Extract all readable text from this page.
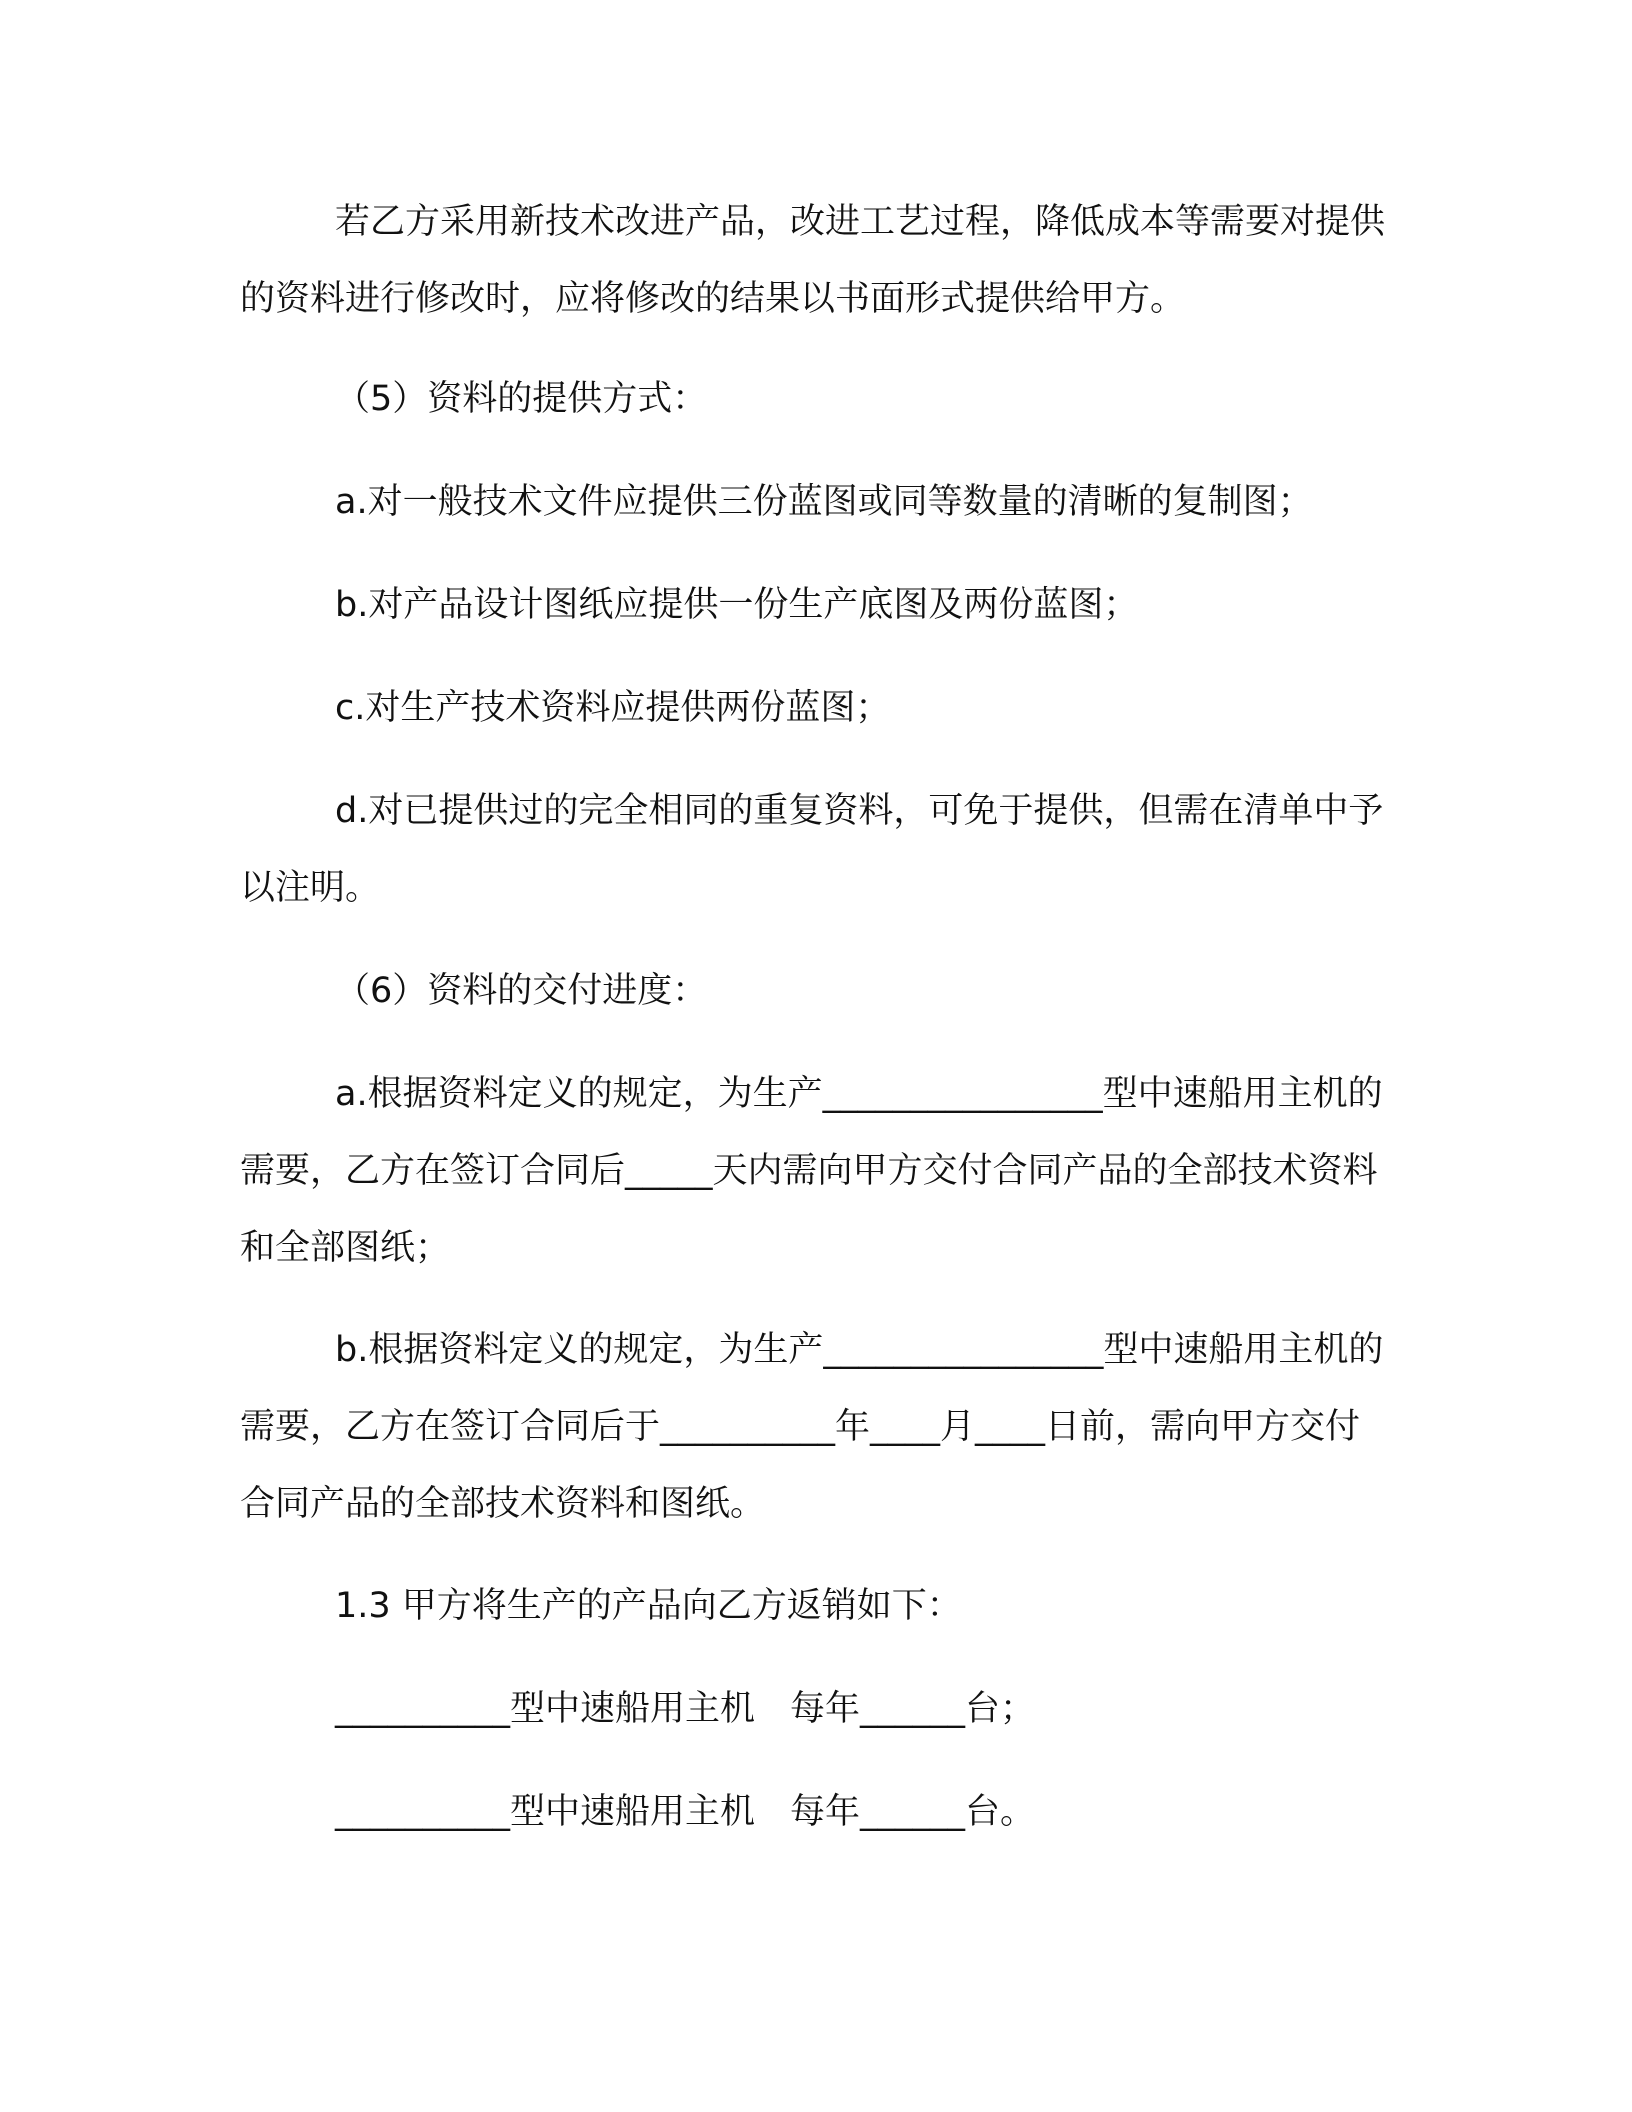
若乙方采用新技术改进产品，改进工艺过程，降低成本等需要对提供的资料进行修改时，应将修改的结果以书面形式提供给甲方。

（5）资料的提供方式：

a.对一般技术文件应提供三份蓝图或同等数量的清晰的复制图；

b.对产品设计图纸应提供一份生产底图及两份蓝图；

c.对生产技术资料应提供两份蓝图；

d.对已提供过的完全相同的重复资料，可免于提供，但需在清单中予以注明。

（6）资料的交付进度：

a.根据资料定义的规定，为生产________________型中速船用主机的需要，乙方在签订合同后_____天内需向甲方交付合同产品的全部技术资料和全部图纸；

b.根据资料定义的规定，为生产________________型中速船用主机的需要，乙方在签订合同后于__________年____月____日前，需向甲方交付合同产品的全部技术资料和图纸。

1.3 甲方将生产的产品向乙方返销如下：

__________型中速船用主机　每年______台；

__________型中速船用主机　每年______台。
